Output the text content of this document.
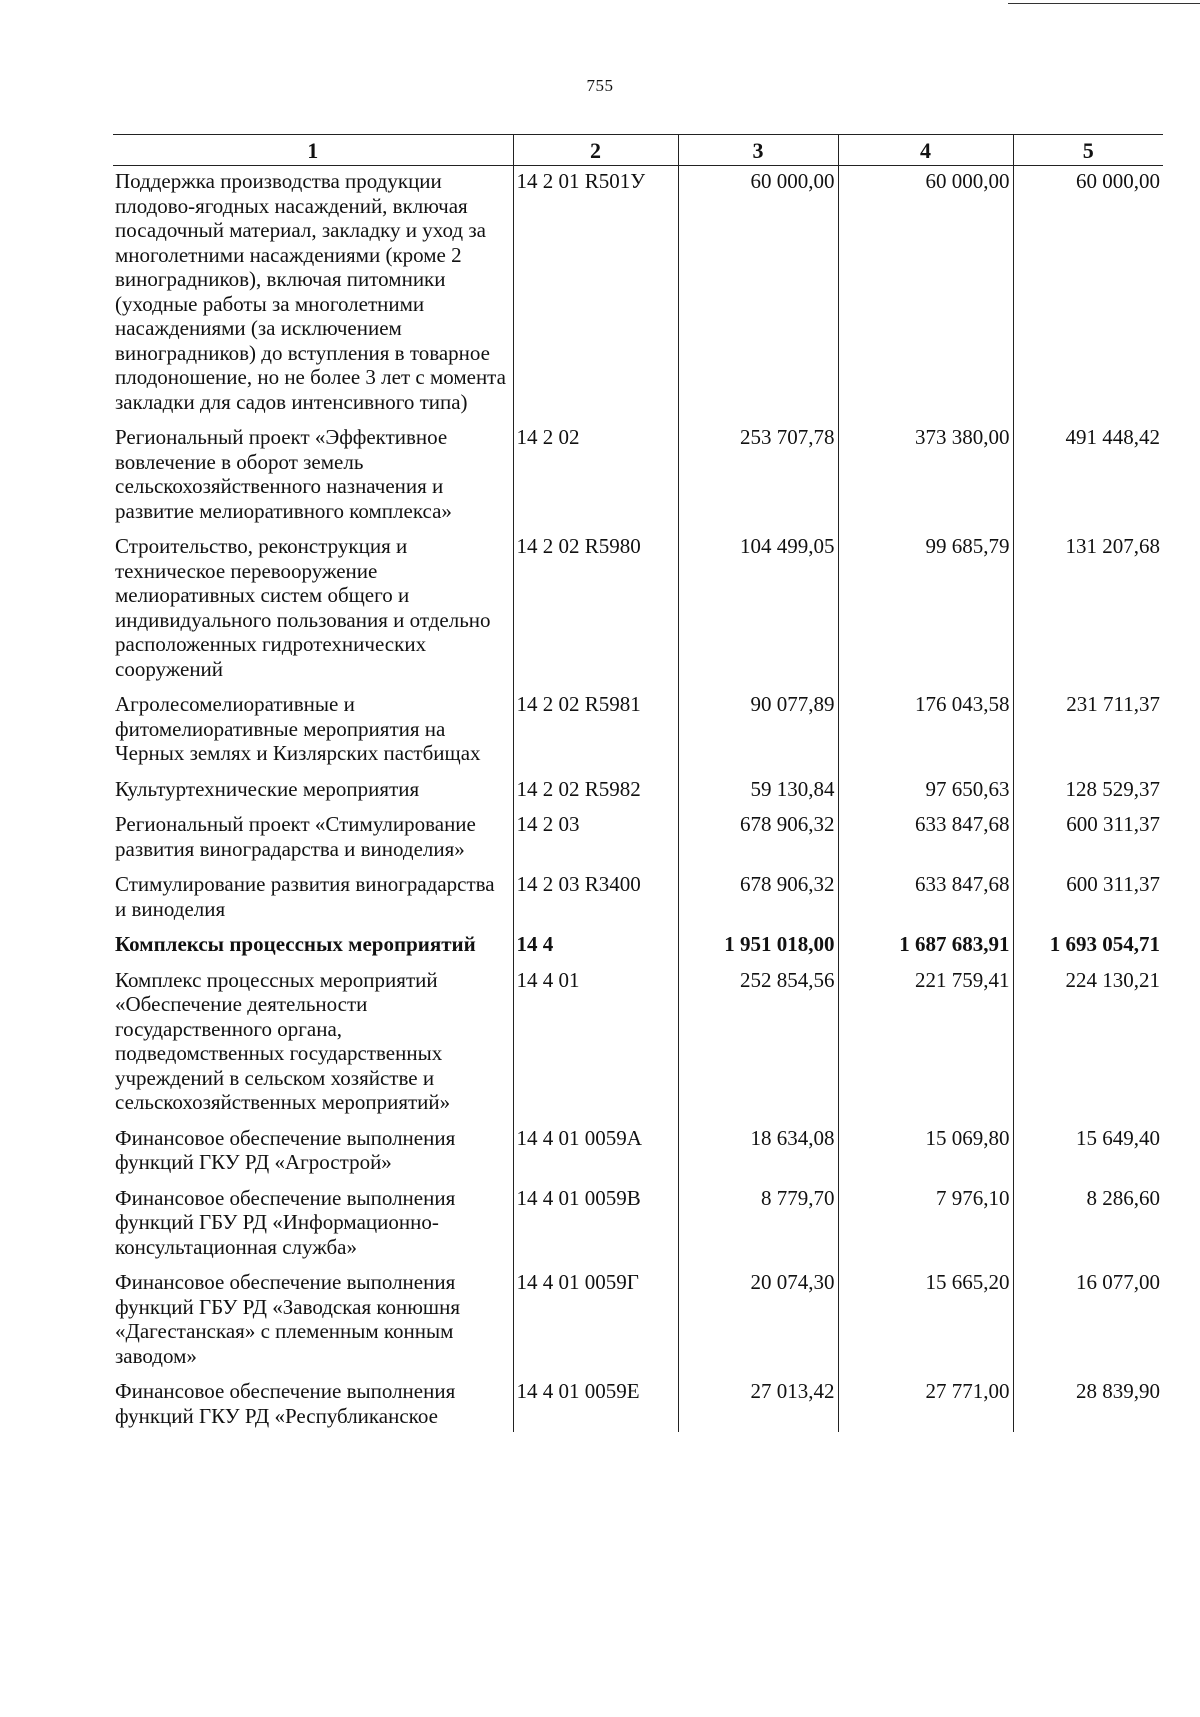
755
1	2	3	4	5
Поддержка производства продукции плодово-ягодных насаждений, включая посадочный материал, закладку и уход за многолетними насаждениями (кроме 2 виноградников), включая питомники (уходные работы за многолетними насаждениями (за исключением виноградников) до вступления в товарное плодоношение, но не более 3 лет с момента закладки для садов интенсивного типа)	14 2 01 R501У	60 000,00	60 000,00	60 000,00
Региональный проект «Эффективное вовлечение в оборот земель сельскохозяйственного назначения и развитие мелиоративного комплекса»	14 2 02	253 707,78	373 380,00	491 448,42
Строительство, реконструкция и техническое перевооружение мелиоративных систем общего и индивидуального пользования и отдельно расположенных гидротехнических сооружений	14 2 02 R5980	104 499,05	99 685,79	131 207,68
Агролесомелиоративные и фитомелиоративные мероприятия на Черных землях и Кизлярских пастбищах	14 2 02 R5981	90 077,89	176 043,58	231 711,37
Культуртехнические мероприятия	14 2 02 R5982	59 130,84	97 650,63	128 529,37
Региональный проект «Стимулирование развития виноградарства и виноделия»	14 2 03	678 906,32	633 847,68	600 311,37
Стимулирование развития виноградарства и виноделия	14 2 03 R3400	678 906,32	633 847,68	600 311,37
Комплексы процессных мероприятий	14 4	1 951 018,00	1 687 683,91	1 693 054,71
Комплекс процессных мероприятий «Обеспечение деятельности государственного органа, подведомственных государственных учреждений в сельском хозяйстве и сельскохозяйственных мероприятий»	14 4 01	252 854,56	221 759,41	224 130,21
Финансовое обеспечение выполнения функций ГКУ РД «Агрострой»	14 4 01 0059А	18 634,08	15 069,80	15 649,40
Финансовое обеспечение выполнения функций ГБУ РД «Информационно-консультационная служба»	14 4 01 0059В	8 779,70	7 976,10	8 286,60
Финансовое обеспечение выполнения функций ГБУ РД «Заводская конюшня «Дагестанская» с племенным конным заводом»	14 4 01 0059Г	20 074,30	15 665,20	16 077,00
Финансовое обеспечение выполнения функций ГКУ РД «Республиканское	14 4 01 0059Е	27 013,42	27 771,00	28 839,90
